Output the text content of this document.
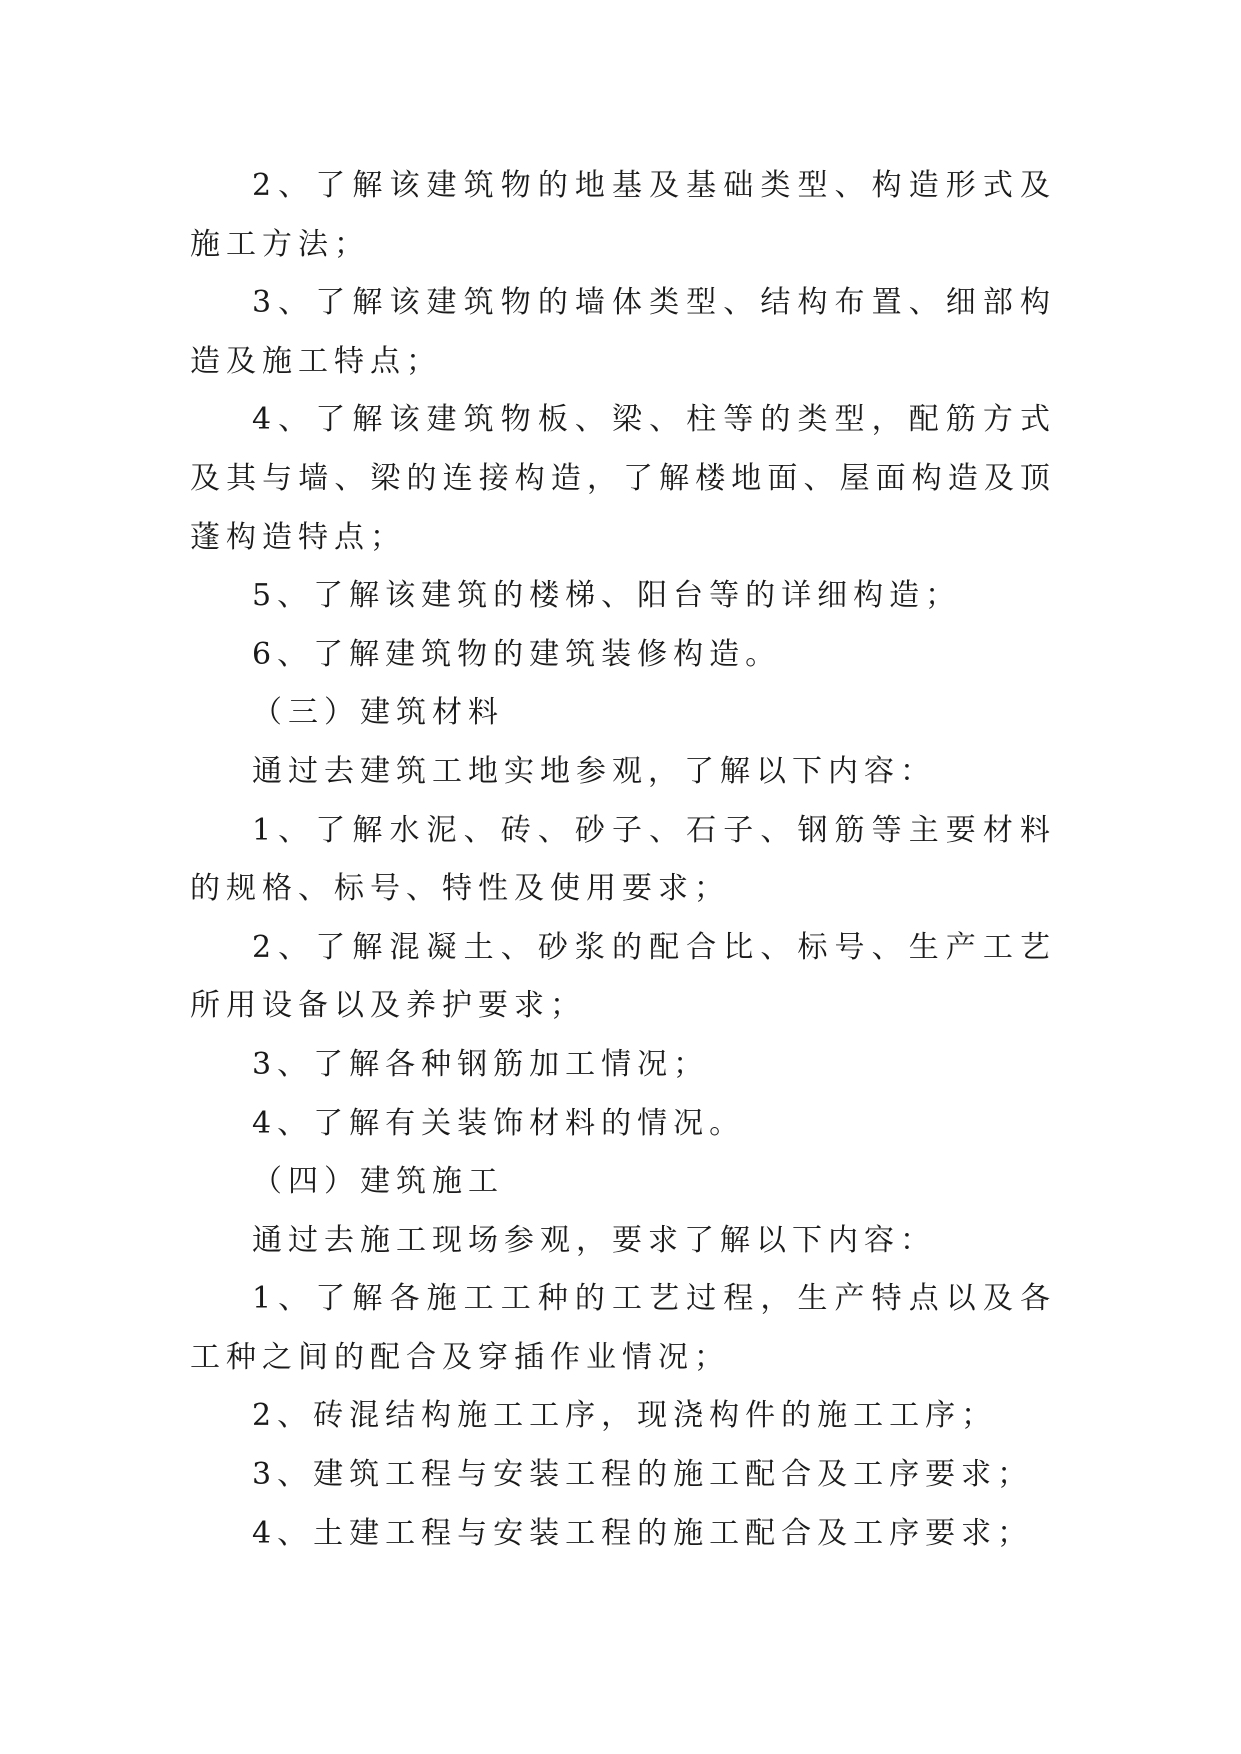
2、了解该建筑物的地基及基础类型、构造形式及施工方法；

3、了解该建筑物的墙体类型、结构布置、细部构造及施工特点；

4、了解该建筑物板、梁、柱等的类型，配筋方式及其与墙、梁的连接构造，了解楼地面、屋面构造及顶蓬构造特点；

5、了解该建筑的楼梯、阳台等的详细构造；

6、了解建筑物的建筑装修构造。

（三）建筑材料

通过去建筑工地实地参观，了解以下内容：

1、了解水泥、砖、砂子、石子、钢筋等主要材料的规格、标号、特性及使用要求；

2、了解混凝土、砂浆的配合比、标号、生产工艺所用设备以及养护要求；

3、了解各种钢筋加工情况；

4、了解有关装饰材料的情况。

（四）建筑施工

通过去施工现场参观，要求了解以下内容：

1、了解各施工工种的工艺过程，生产特点以及各工种之间的配合及穿插作业情况；

2、砖混结构施工工序，现浇构件的施工工序；

3、建筑工程与安装工程的施工配合及工序要求；

4、土建工程与安装工程的施工配合及工序要求；
